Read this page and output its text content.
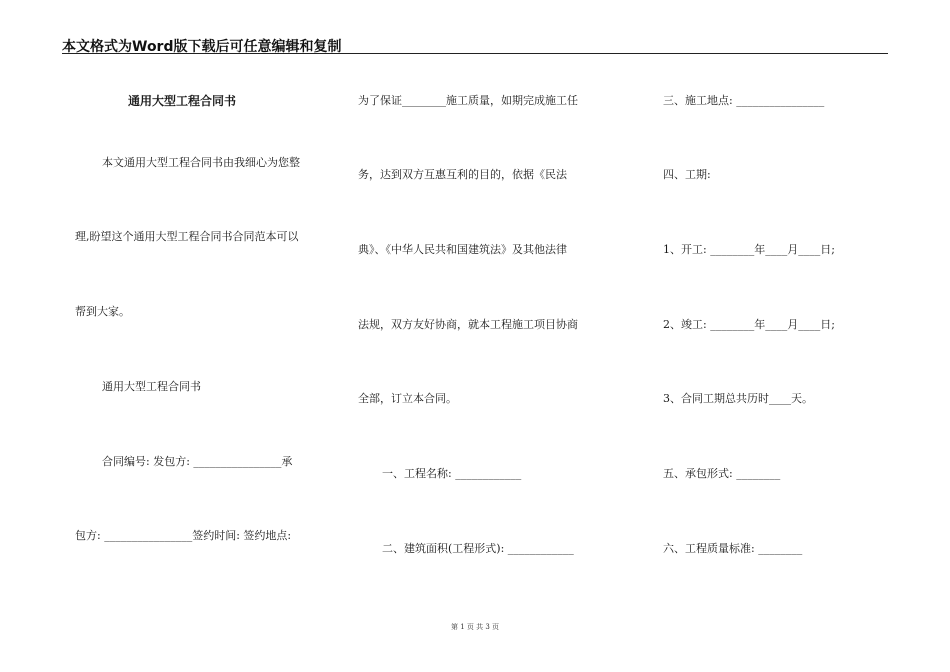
本文格式为Word版下载后可任意编辑和复制
通用大型工程合同书
本文通用大型工程合同书由我细心为您整
理,盼望这个通用大型工程合同书合同范本可以
帮到大家。
通用大型工程合同书
合同编号: 发包方: ________________承
包方: ________________签约时间: 签约地点:
为了保证________施工质量，如期完成施工任
务，达到双方互惠互利的目的，依据《民法
典》、《中华人民共和国建筑法》及其他法律
法规，双方友好协商，就本工程施工项目协商
全部，订立本合同。
一、工程名称: ____________
二、建筑面积(工程形式): ____________
三、施工地点: ________________
四、工期:
1、开工: ________年____月____日;
2、竣工: ________年____月____日;
3、合同工期总共历时____天。
五、承包形式: ________
六、工程质量标准: ________
第 1 页 共 3 页
